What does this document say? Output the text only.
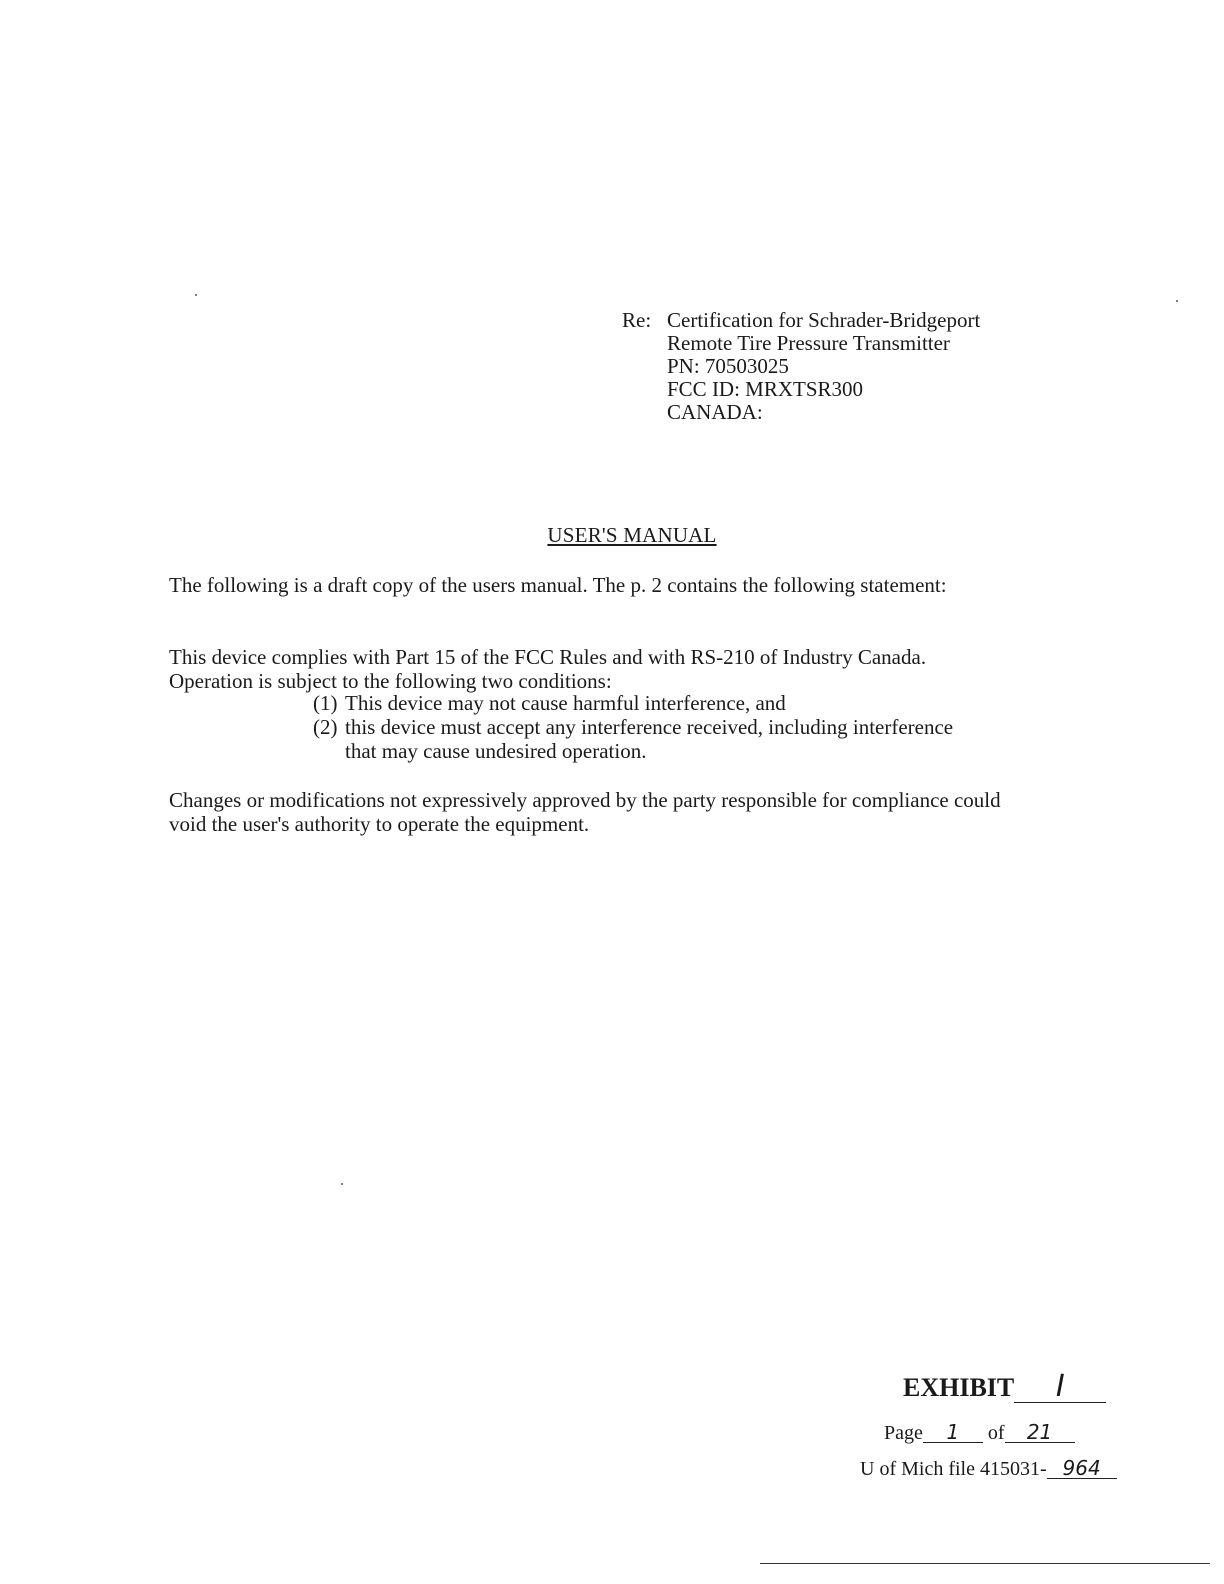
Re: Certification for Schrader-Bridgeport
Remote Tire Pressure Transmitter
PN: 70503025
FCC ID: MRXTSR300
CANADA:
USER'S MANUAL
The following is a draft copy of the users manual. The p. 2 contains the following statement:
This device complies with Part 15 of the FCC Rules and with RS-210 of Industry Canada.
Operation is subject to the following two conditions:
(1) This device may not cause harmful interference, and
(2) this device must accept any interference received, including interference
that may cause undesired operation.
Changes or modifications not expressively approved by the party responsible for compliance could
void the user's authority to operate the equipment.
EXHIBIT I
Page 1 of 21
U of Mich file 415031- 964
